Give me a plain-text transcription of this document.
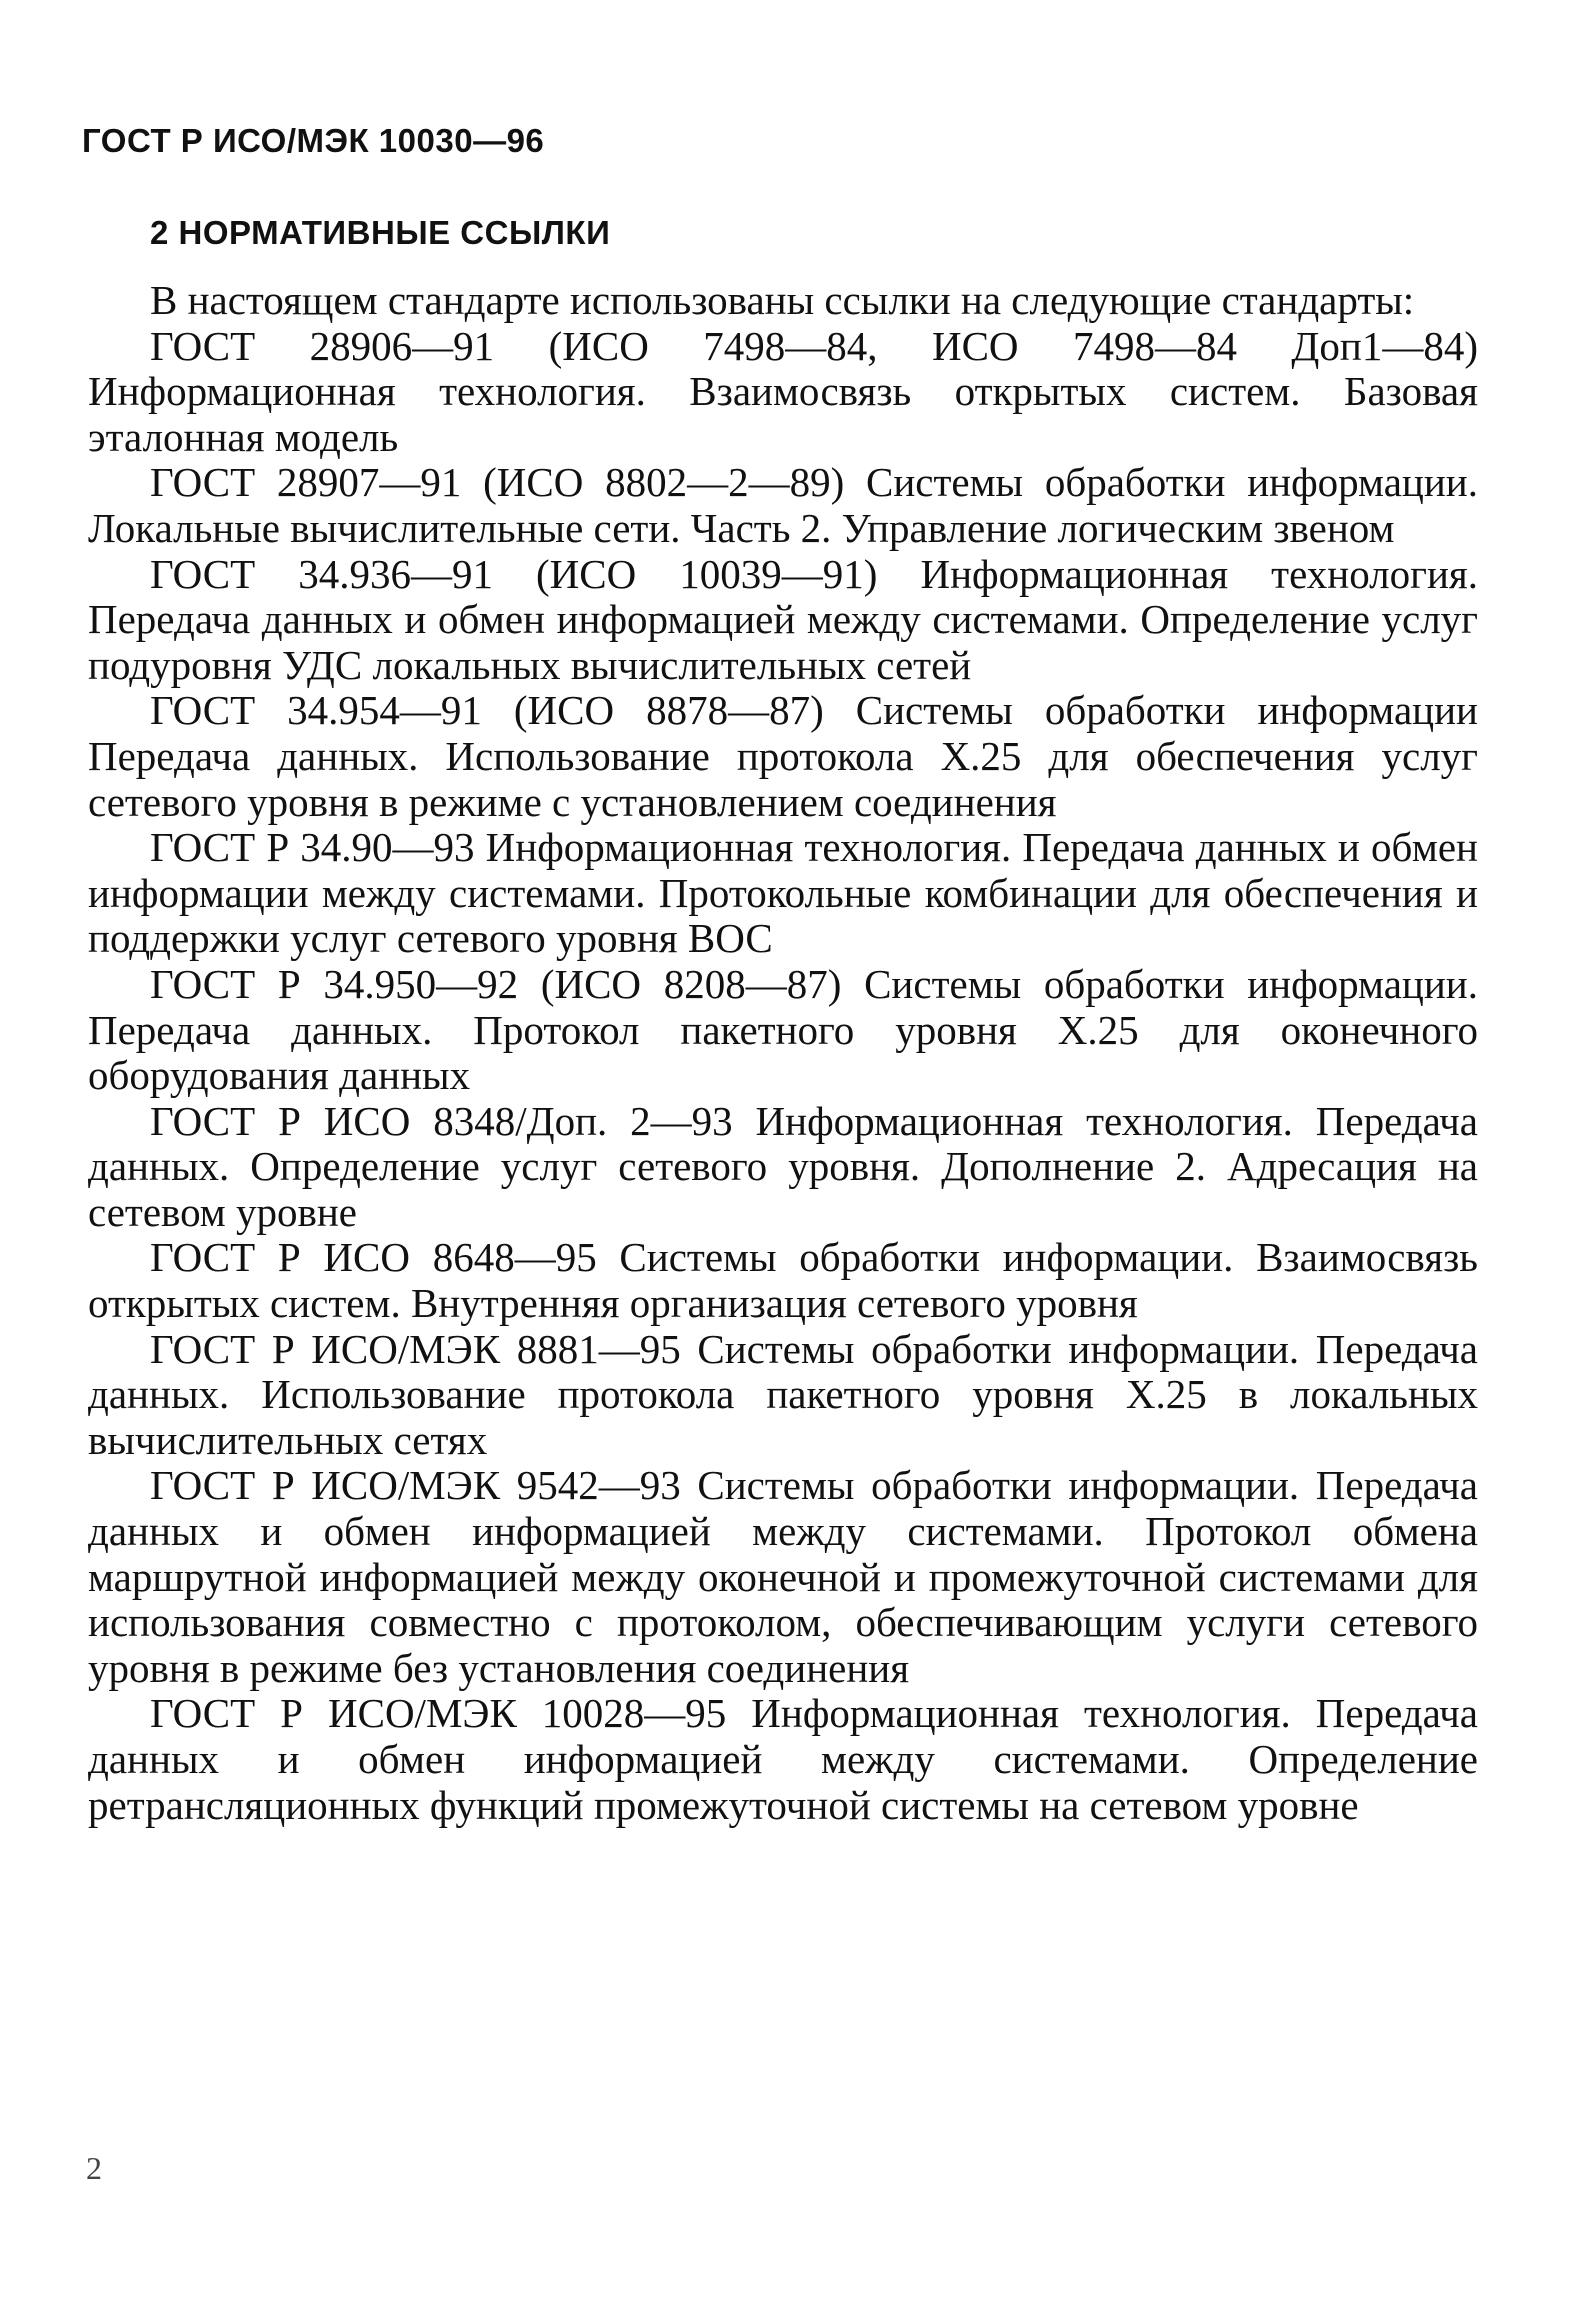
ГОСТ Р ИСО/МЭК 10030—96
2 НОРМАТИВНЫЕ ССЫЛКИ

В настоящем стандарте использованы ссылки на следующие стандарты:

ГОСТ 28906—91 (ИСО 7498—84, ИСО 7498—84 Доп1—84) Информационная технология. Взаимосвязь открытых систем. Базовая эталонная модель

ГОСТ 28907—91 (ИСО 8802—2—89) Системы обработки информации. Локальные вычислительные сети. Часть 2. Управление логическим звеном

ГОСТ 34.936—91 (ИСО 10039—91) Информационная технология. Передача данных и обмен информацией между системами. Определение услуг подуровня УДС локальных вычислительных сетей

ГОСТ 34.954—91 (ИСО 8878—87) Системы обработки информации Передача данных. Использование протокола X.25 для обеспечения услуг сетевого уровня в режиме с установлением соединения

ГОСТ Р 34.90—93 Информационная технология. Передача данных и обмен информации между системами. Протокольные комбинации для обеспечения и поддержки услуг сетевого уровня ВОС

ГОСТ Р 34.950—92 (ИСО 8208—87) Системы обработки информации. Передача данных. Протокол пакетного уровня X.25 для оконечного оборудования данных

ГОСТ Р ИСО 8348/Доп. 2—93 Информационная технология. Передача данных. Определение услуг сетевого уровня. Дополнение 2. Адресация на сетевом уровне

ГОСТ Р ИСО 8648—95 Системы обработки информации. Взаимосвязь открытых систем. Внутренняя организация сетевого уровня

ГОСТ Р ИСО/МЭК 8881—95 Системы обработки информации. Передача данных. Использование протокола пакетного уровня X.25 в локальных вычислительных сетях

ГОСТ Р ИСО/МЭК 9542—93 Системы обработки информации. Передача данных и обмен информацией между системами. Протокол обмена маршрутной информацией между оконечной и промежуточной системами для использования совместно с протоколом, обеспечивающим услуги сетевого уровня в режиме без установления соединения

ГОСТ Р ИСО/МЭК 10028—95 Информационная технология. Передача данных и обмен информацией между системами. Определение ретрансляционных функций промежуточной системы на сетевом уровне

2
